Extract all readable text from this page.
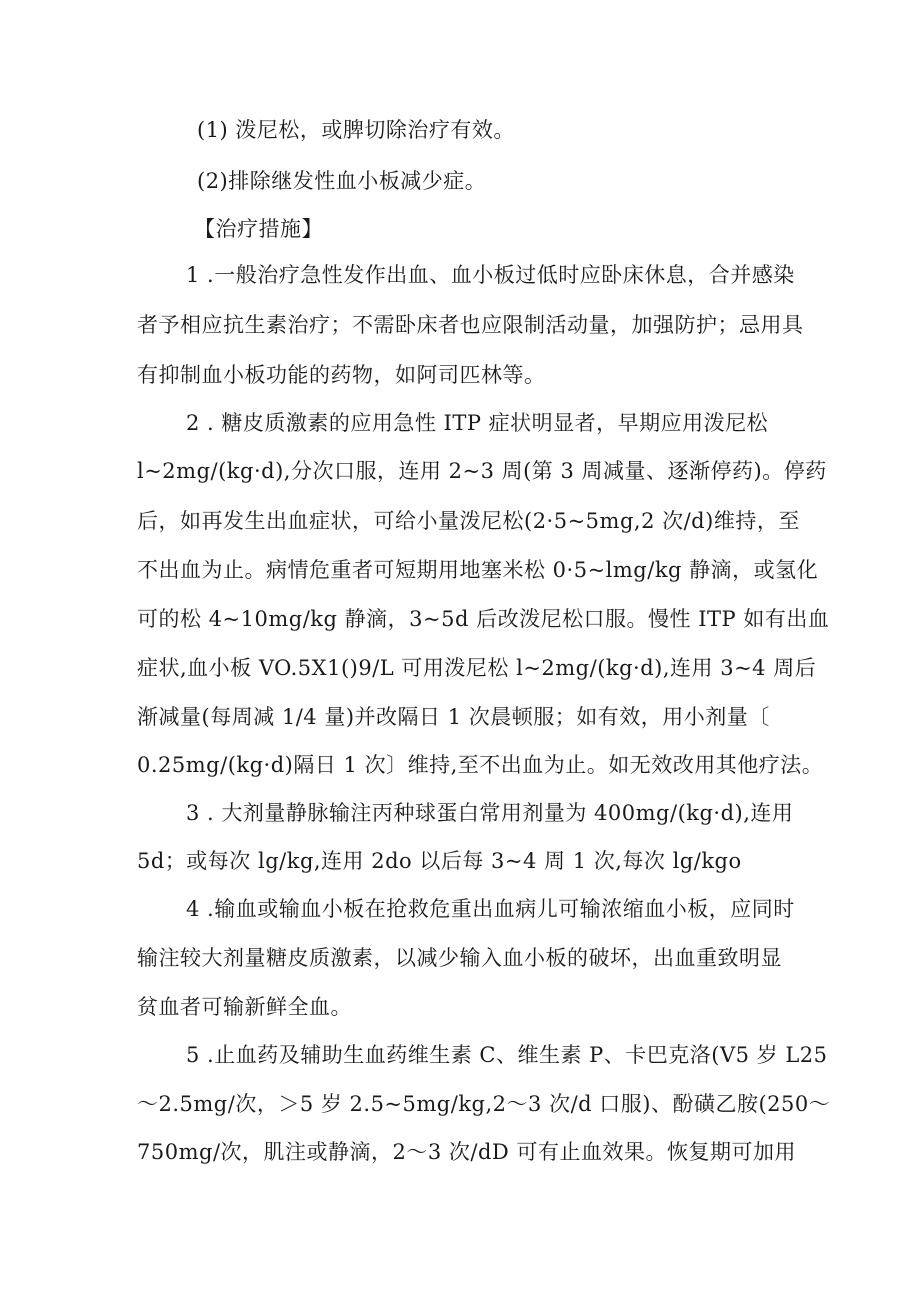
(1) 泼尼松，或脾切除治疗有效。
(2)排除继发性血小板减少症。
【治疗措施】
1 .一般治疗急性发作出血、血小板过低时应卧床休息，合并感染
者予相应抗生素治疗；不需卧床者也应限制活动量，加强防护；忌用具
有抑制血小板功能的药物，如阿司匹林等。
2 . 糖皮质激素的应用急性 ITP 症状明显者，早期应用泼尼松
l~2mg/(kg·d),分次口服，连用 2~3 周(第 3 周减量、逐渐停药)。停药
后，如再发生出血症状，可给小量泼尼松(2·5~5mg,2 次/d)维持，至
不出血为止。病情危重者可短期用地塞米松 0·5~lmg/kg 静滴，或氢化
可的松 4~10mg/kg 静滴，3~5d 后改泼尼松口服。慢性 ITP 如有出血
症状,血小板 VO.5X1()9/L 可用泼尼松 l~2mg/(kg·d),连用 3~4 周后
渐减量(每周减 1/4 量)并改隔日 1 次晨顿服；如有效，用小剂量〔
0.25mg/(kg·d)隔日 1 次〕维持,至不出血为止。如无效改用其他疗法。
3 . 大剂量静脉输注丙种球蛋白常用剂量为 400mg/(kg·d),连用
5d；或每次 lg/kg,连用 2do 以后每 3~4 周 1 次,每次 lg/kgo
4 .输血或输血小板在抢救危重出血病儿可输浓缩血小板，应同时
输注较大剂量糖皮质激素，以减少输入血小板的破坏，出血重致明显
贫血者可输新鲜全血。
5 .止血药及辅助生血药维生素 C、维生素 P、卡巴克洛(V5 岁 L25
～2.5mg/次，＞5 岁 2.5~5mg/kg,2～3 次/d 口服)、酚磺乙胺(250～
750mg/次，肌注或静滴，2～3 次/dD 可有止血效果。恢复期可加用
